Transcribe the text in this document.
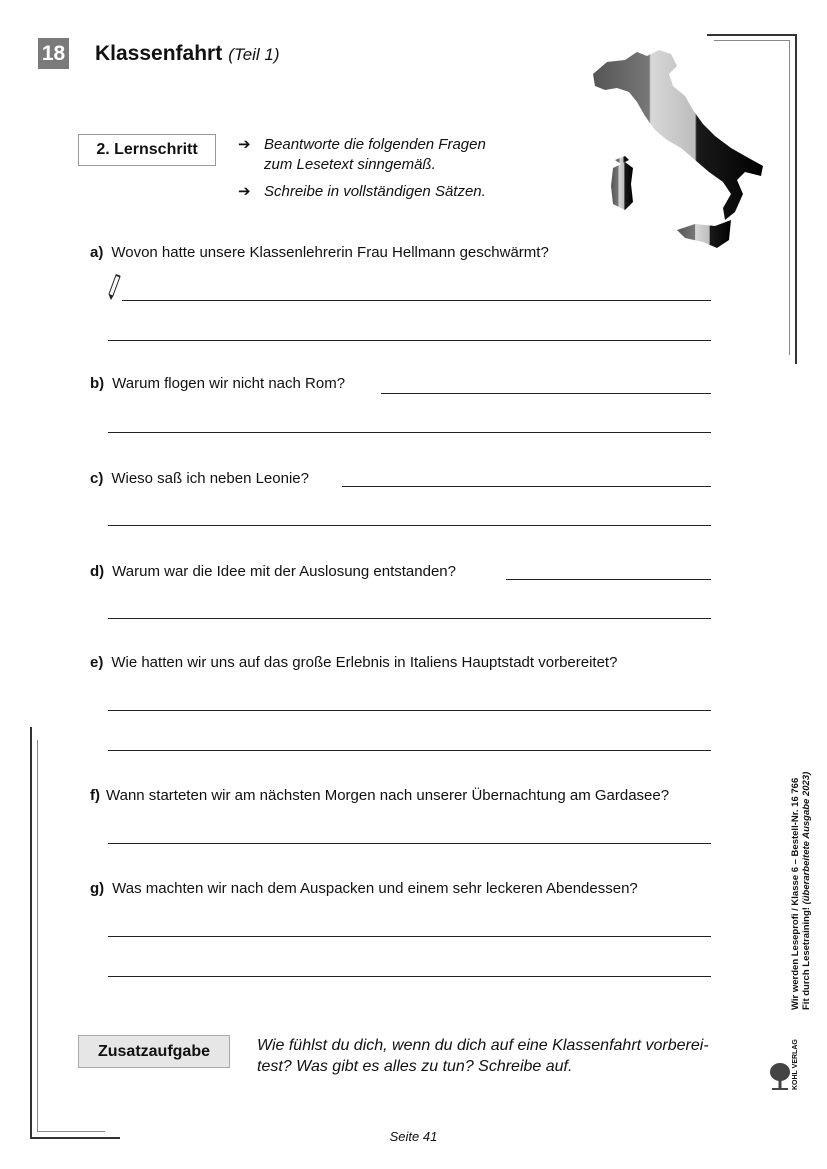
18 Klassenfahrt (Teil 1)
2. Lernschritt	➔ Beantworte die folgenden Fragen
zum Lesetext sinngemäß.
➔ Schreibe in vollständigen Sätzen.
a) Wovon hatte unsere Klassenlehrerin Frau Hellmann geschwärmt?
b) Warum flogen wir nicht nach Rom?
c) Wieso saß ich neben Leonie?
d) Warum war die Idee mit der Auslosung entstanden?
e) Wie hatten wir uns auf das große Erlebnis in Italiens Hauptstadt vorbereitet?
f) Wann starteten wir am nächsten Morgen nach unserer Übernachtung am Gardasee?
g) Was machten wir nach dem Auspacken und einem sehr leckeren Abendessen?
Zusatzaufgabe	Wie fühlst du dich, wenn du dich auf eine Klassenfahrt vorberei-test? Was gibt es alles zu tun? Schreibe auf.
Wir werden Leseprofi / Klasse 6 – Bestell-Nr. 16 766 Fit durch Lesetraining! (überarbeitete Ausgabe 2023)
KOHL VERLAG
Seite 41
